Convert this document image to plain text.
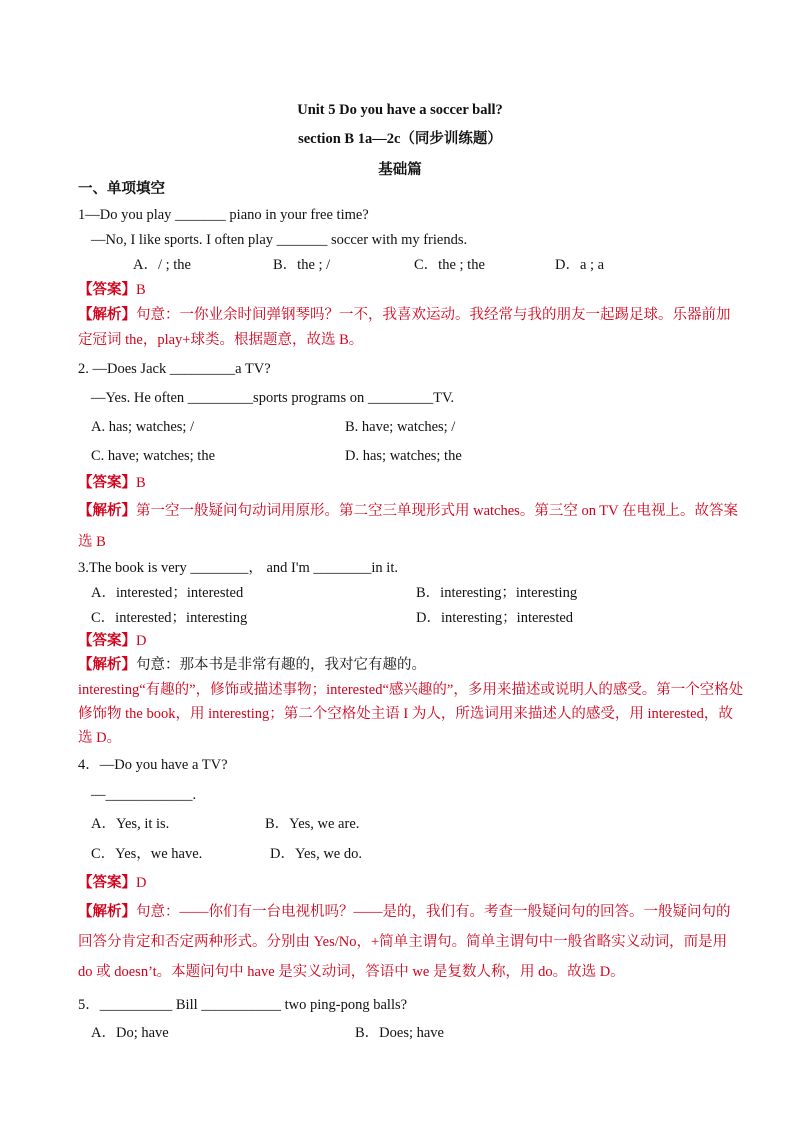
Unit 5 Do you have a soccer ball?
section B 1a—2c（同步训练题）
基础篇
一、单项填空
1—Do you play _______ piano in your free time?
—No, I like sports. I often play _______ soccer with my friends.
A．/ ; the	B．the ; /	C．the ; the	D．a ; a
【答案】B
【解析】句意：一你业余时间弹钢琴吗？一不，我喜欢运动。我经常与我的朋友一起踢足球。乐器前加
定冠词 the，play+球类。根据题意，故选 B。
2. —Does Jack _________a TV?
—Yes. He often _________sports programs on _________TV.
A. has; watches; /	B. have; watches; /
C. have; watches; the	D. has; watches; the
【答案】B
【解析】第一空一般疑问句动词用原形。第二空三单现形式用 watches。第三空 on TV 在电视上。故答案
选 B
3.The book is very ________， and I'm ________in it.
A．interested；interested	B．interesting；interesting
C．interested；interesting	D．interesting；interested
【答案】D
【解析】句意：那本书是非常有趣的，我对它有趣的。
interesting“有趣的”，修饰或描述事物；interested“感兴趣的”，多用来描述或说明人的感受。第一个空格处
修饰物 the book，用 interesting；第二个空格处主语 I 为人，所选词用来描述人的感受，用 interested，故
选 D。
4．—Do you have a TV?
—____________.
A．Yes, it is.	B．Yes, we are.
C．Yes，we have.	D．Yes, we do.
【答案】D
【解析】句意：——你们有一台电视机吗？——是的，我们有。考查一般疑问句的回答。一般疑问句的
回答分肯定和否定两种形式。分别由 Yes/No，+简单主谓句。简单主谓句中一般省略实义动词，而是用
do 或 doesn’t。本题问句中 have 是实义动词，答语中 we 是复数人称，用 do。故选 D。
5．__________ Bill ___________ two ping-pong balls?
A．Do; have	B．Does; have
